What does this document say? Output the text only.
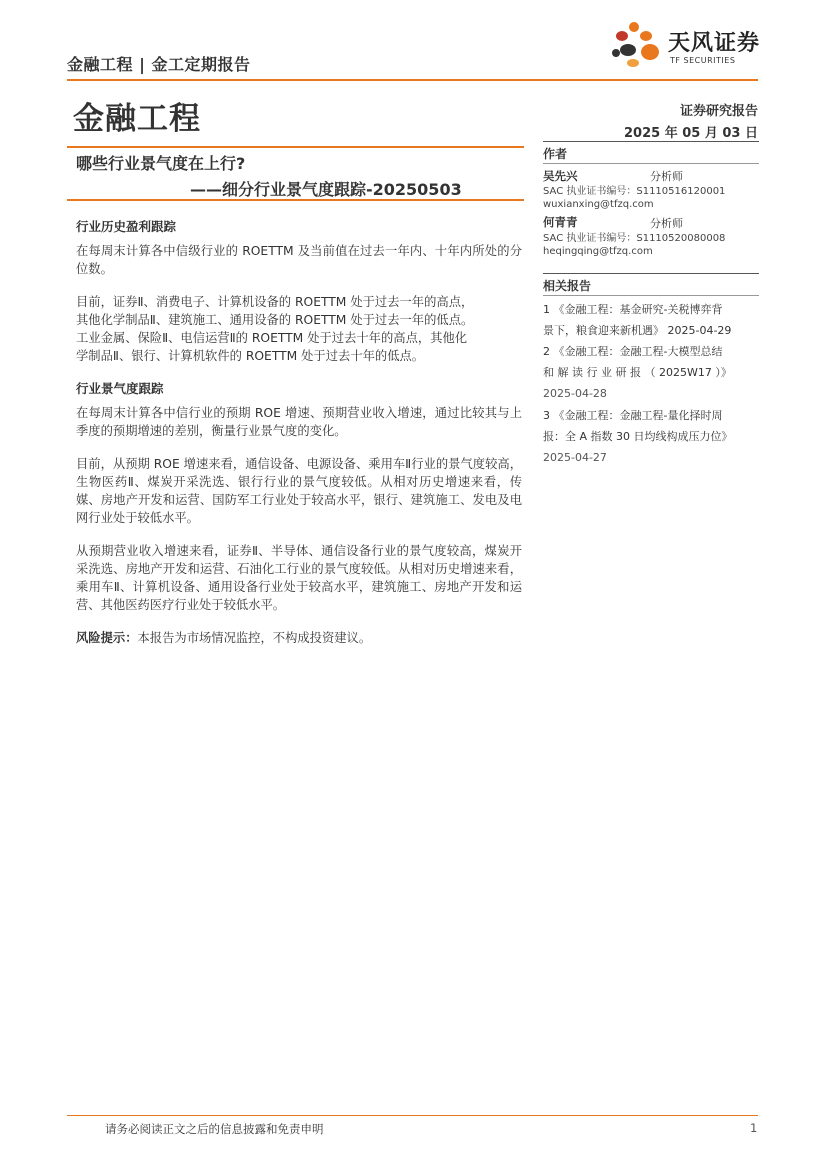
金融工程 | 金工定期报告
天风证券
TF SECURITIES
金融工程	证券研究报告
2025 年 05 月 03 日
哪些行业景气度在上行?
——细分行业景气度跟踪-20250503
行业历史盈利跟踪

在每周末计算各中信级行业的 ROETTM 及当前值在过去一年内、十年内所处的分位数。

目前，证券Ⅱ、消费电子、计算机设备的 ROETTM 处于过去一年的高点，
其他化学制品Ⅱ、建筑施工、通用设备的 ROETTM 处于过去一年的低点。
工业金属、保险Ⅱ、电信运营Ⅱ的 ROETTM 处于过去十年的高点，其他化
学制品Ⅱ、银行、计算机软件的 ROETTM 处于过去十年的低点。

行业景气度跟踪

在每周末计算各中信行业的预期 ROE 增速、预期营业收入增速，通过比较其与上季度的预期增速的差别，衡量行业景气度的变化。

目前，从预期 ROE 增速来看，通信设备、电源设备、乘用车Ⅱ行业的景气度较高，生物医药Ⅱ、煤炭开采洗选、银行行业的景气度较低。从相对历史增速来看，传媒、房地产开发和运营、国防军工行业处于较高水平，银行、建筑施工、发电及电网行业处于较低水平。

从预期营业收入增速来看，证券Ⅱ、半导体、通信设备行业的景气度较高，煤炭开采洗选、房地产开发和运营、石油化工行业的景气度较低。从相对历史增速来看，乘用车Ⅱ、计算机设备、通用设备行业处于较高水平，建筑施工、房地产开发和运营、其他医药医疗行业处于较低水平。

风险提示：本报告为市场情况监控，不构成投资建议。

作者
吴先兴	分析师
SAC 执业证书编号：S1110516120001
wuxianxing@tfzq.com
何青青	分析师
SAC 执业证书编号：S1110520080008
heqingqing@tfzq.com
相关报告
1 《金融工程：基金研究-关税博弈背
景下，粮食迎来新机遇》 2025-04-29
2 《金融工程：金融工程-大模型总结
和 解 读 行 业 研 报 （ 2025W17 ）》
2025-04-28
3 《金融工程：金融工程-量化择时周
报：全 A 指数 30 日均线构成压力位》
2025-04-27
请务必阅读正文之后的信息披露和免责申明	1
